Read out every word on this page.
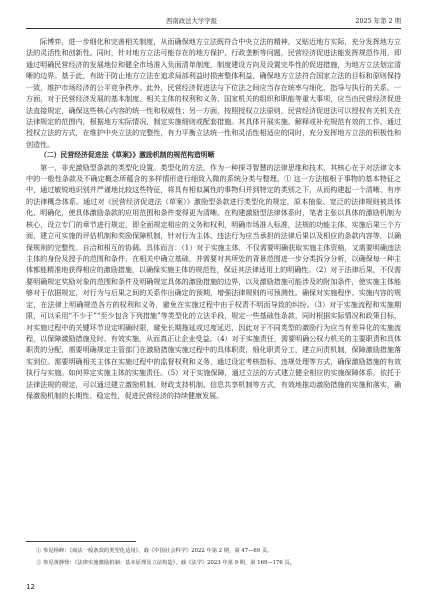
西南政法大学学报	2025 年第 2 期

际博弈，进一步细化和完善相关制度，从而确保地方立法既符合中央立法的精神，又贴近地方实际，充分发挥地方立法的灵活性和创新性。同时，针对地方立法可能存在的地方保护、行政垄断等问题，民营经济促进法能发挥规范作用，即通过明确民营经济的发展地位和健全市场准入负面清单制度，制度建设方向及设置完毕性的促进措施，为地方立法划定清晰的边界。基于此，有助于防止地方立法在追求局部利益时损害整体利益，确保地方立法符合国家立法的目标和原则保持一致，维护市场经济的公平竞争秩序。此外，民营经济促进法与下位法之间应当存在统率与细化、指导与执行的关系。一方面，对于民营经济发展的基本制度、相关主体的权利和义务、国家机关的组织和职能等重大事项，应当由民营经济促进法直接规定，确保这些核心内容的统一性和权威性；另一方面，按照授权立法原则，民营经济促进法可以授权有关机关在法律规定的范围内，根据地方实际情况，制定实施细则或配套措施。其具体开展实施、解释或补充规范有效的工作。通过授权立法的方式，在维护中央立法的完整性，有力平衡立法统一性和灵活性相适应的同时，充分发挥地方立法的积极性和创造性。

（二）民营经济促进法《草案》》激励机制的规范构造明晰

第一，非充激励型条款的类型化设置。类型化的方法，作为一种探寻智慧的法律思维和技术，其核心在于对法律文本中的一般性条款及不确定概念所蕴含的多样情形进行细致入微的系统分类与整理。① 这一方法植根于事物的基本特征之中，通过敏锐地识别并严谨地比较这些特征，将具有相似属性的事物归并到特定的类别之下，从而构建起一个清晰、有序的法律概念体系。通过对《民营经济促进法（草案）》激励型条款进行类型化的规定，原本抽象、宽泛的法律规则被具体化、明确化，使具体激励条款的应用范围和条件变得更为清晰。在构建激励型法律体系时，笔者主张以具体的激励机制为核心，设立专门的章节进行规定，即全面规定相应的义务和权利，明确市场准入标准，法规的功能主体、实施后果三个方面，建立可实施的评估机制和奖励保障机制，针对行为主体、违法行为应当承担的法律后果以及相应的条款内容等，以确保规则的完整性、自洽和相互的协调。具体而言：（1）对于实施主体，不仅需要明确获取实施主体资格，又需要明确违法主体的身份及授予的范围和条件，在相关中确立基础，并需要对其所处的背景范围进一步分类拆分分析，以确保每一种主体都能精准地获得相应的激励措施，以确保实施主体的规范性，保证其法律适用上的明确性。（2）对于法律后果，不仅需要明确规定奖励对象的范围和条件及明确规定具体的激励措施的边界，以及激励措施可能涉及的附加条件，使实施主体能够对于依据规定，对行为与后果之间的关系作出确定的预期，增强法律规则的可预测性。确保对实施程序、实施内容的规定，在法律上明确规范各方的权利和义务，避免在实施过程中由于权责不明而导致的纠纷。（3）对于实施流程和实施期限，可以采用“不少于”“至少包含下列措施”等类型化的立法手段，规定一些基础性条款，同时根据实际情况和政策目标，对实施过程中的关键环节设定明确时限，避免长期拖延或过度延迟，因此对于不同类型的激励行为应当有差异化的实施流程，以保障激励措施及时、有效实施，从而真正让企业受益。（4）对于实施责任，需要明确公权力机关的主要职责和具体职责的分配，需要明确规定主管部门在激励措施实施过程中的具体职责，细化职责分工，建立问责机制，保障激励措施落实到位。需要明确相关主体在实施过程中的监督权利和义务，通过设定考核指标、违规处理等方式，确保激励措施的有效执行与实施。如何界定实施主体的实施责任。（5）对于实施保障，通过立法的方式建立健全相应的实施保障体系，依托于法律法规的规定，可以通过建立激励机制、财政支持机制、信息共享机制等方式，有效地推动激励措施的实施和落实，确保激励机制的长期性、稳定性，促进民营经济的持续健康发展。

① 参见杨峰：《商法一般条款的类型化适用》，载《中国社会科学》2022 年第 2 期，第 47—69 页。
② 参见黄静怿：《法律实施激励机制：基本原理及立法构造》，载《法学》2023 年第 9 期，第 169—176 页。
12
